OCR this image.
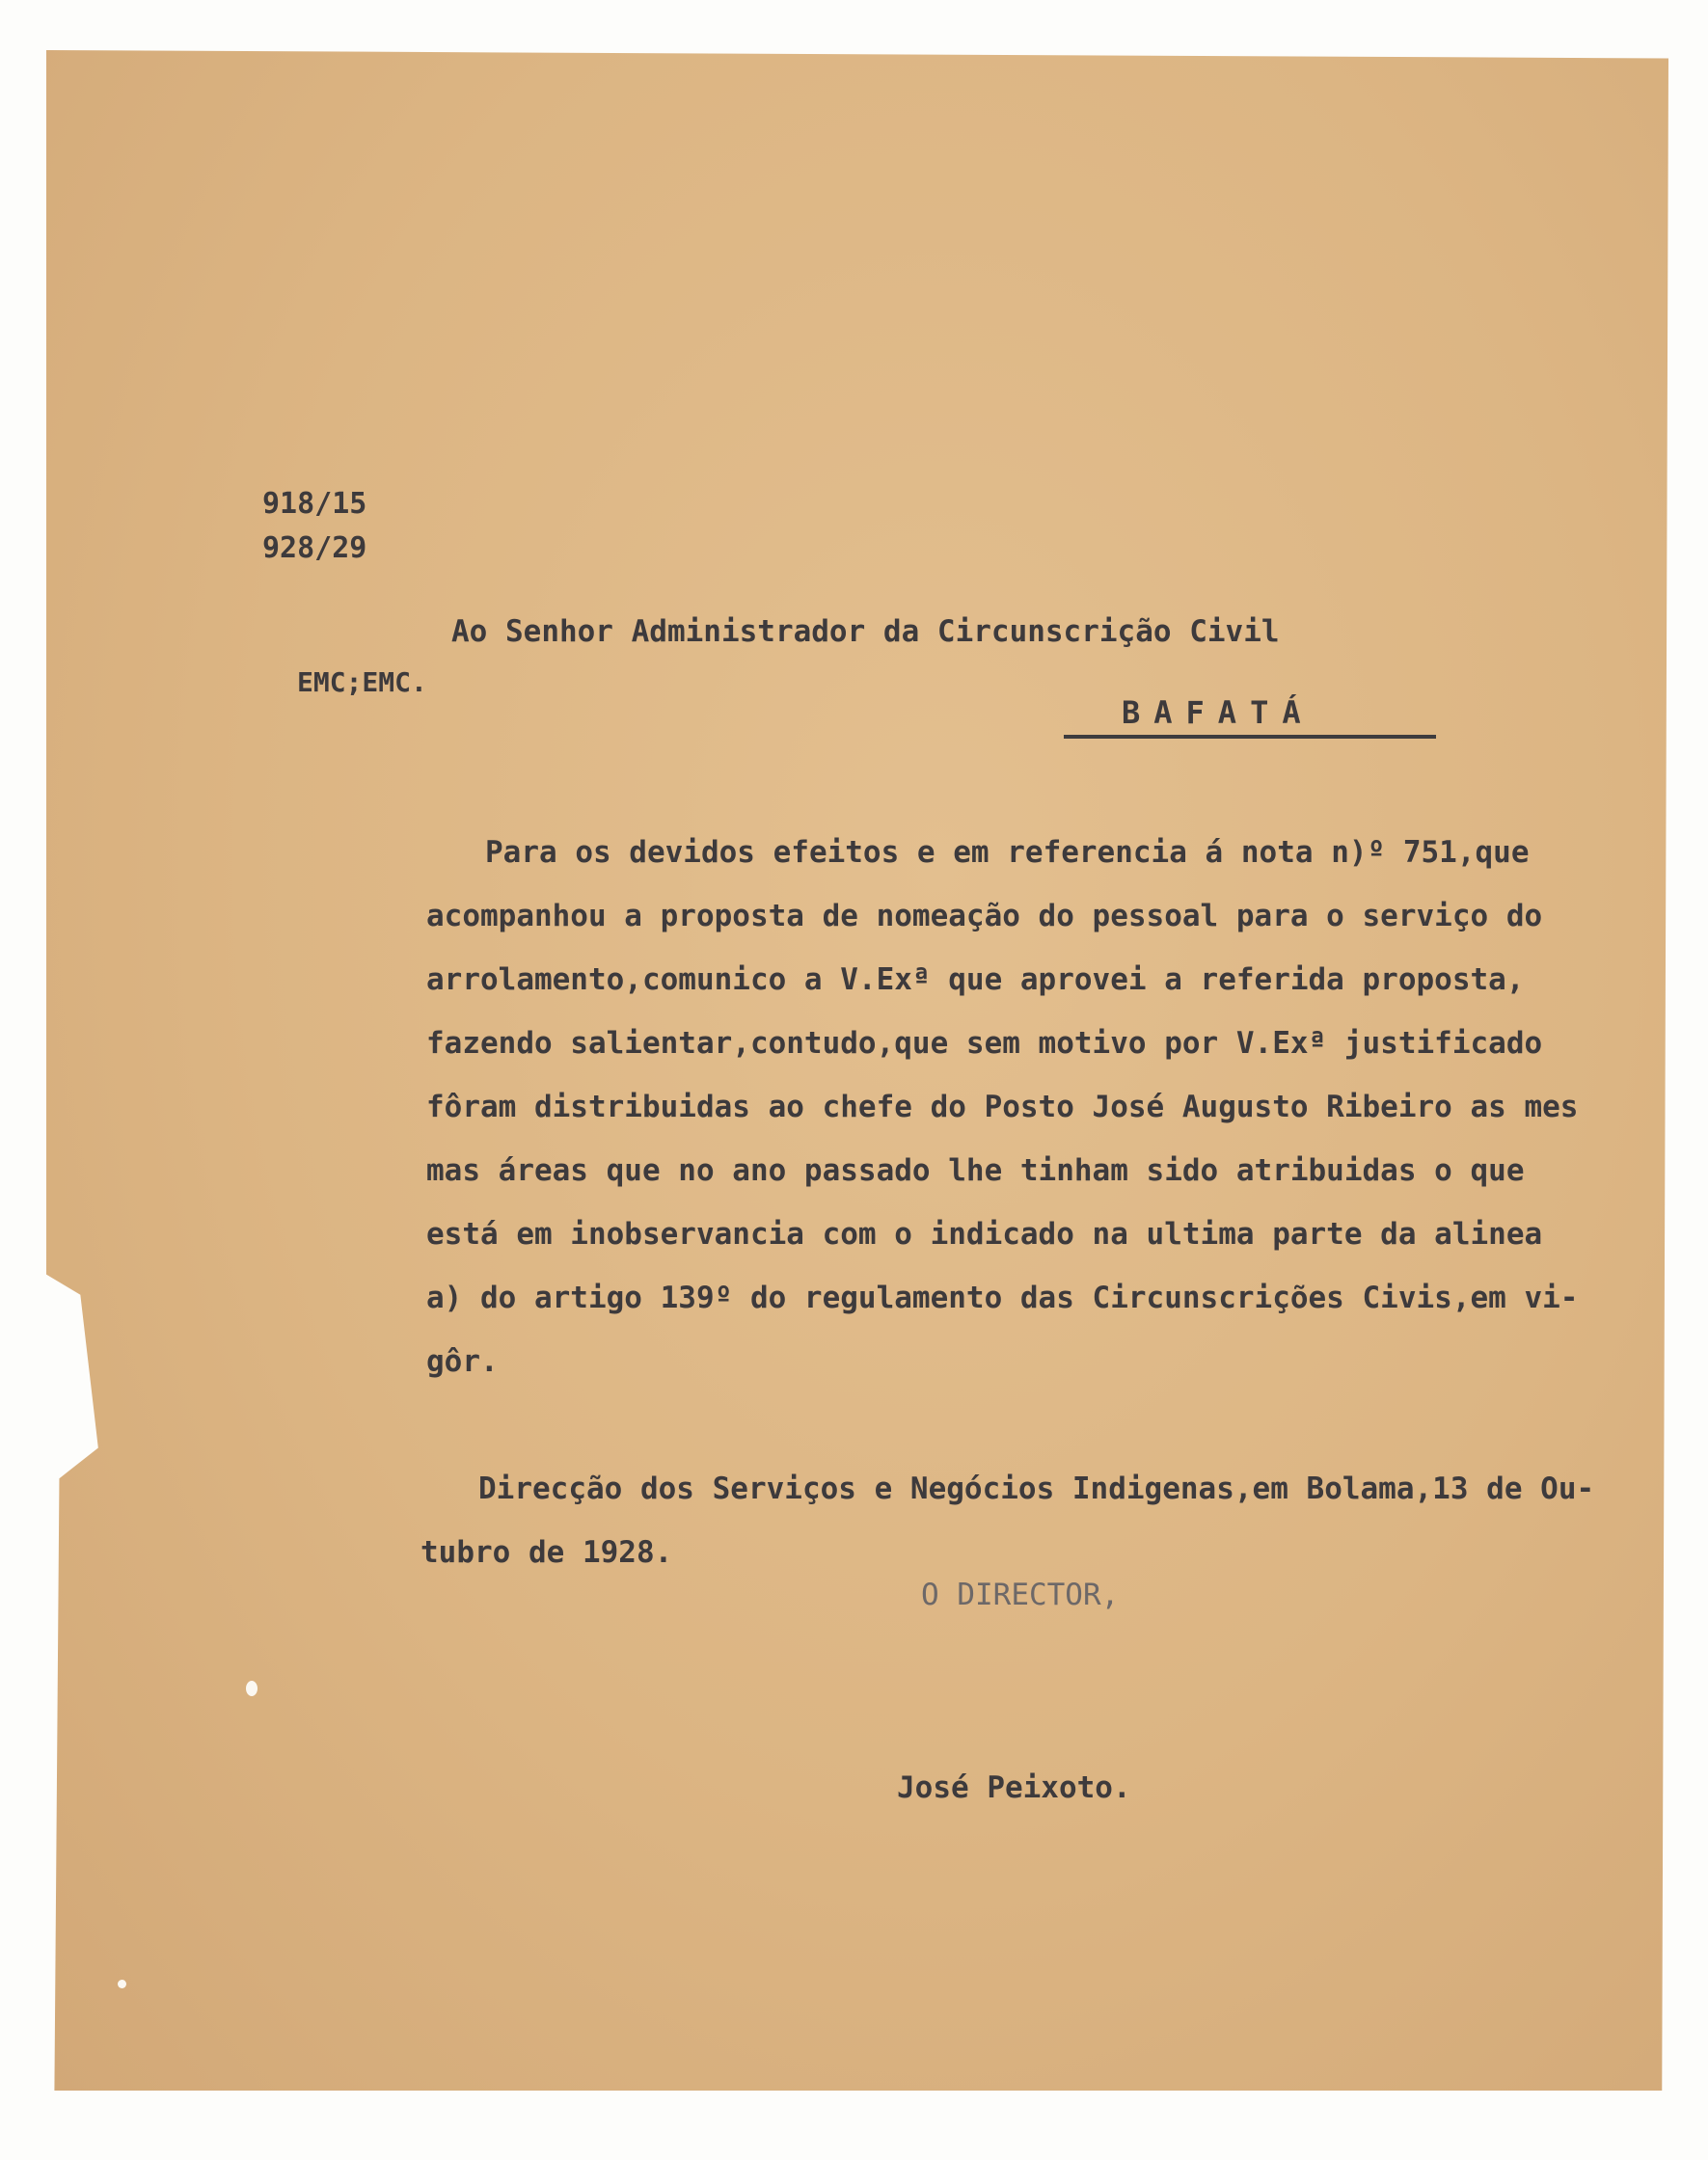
918/15

928/29

Ao Senhor Administrador da Circunscrição Civil

EMC;EMC.

BAFATÁ

Para os devidos efeitos e em referencia á nota n)º 751,que

acompanhou a proposta de nomeação do pessoal para o serviço do

arrolamento,comunico a V.Exª que aprovei a referida proposta,

fazendo salientar,contudo,que sem motivo por V.Exª justificado

fôram distribuidas ao chefe do Posto José Augusto Ribeiro as mes

mas áreas que no ano passado lhe tinham sido atribuidas o que

está em inobservancia com o indicado na ultima parte da alinea

a) do artigo 139º do regulamento das Circunscrições Civis,em vi-

gôr.

Direcção dos Serviços e Negócios Indigenas,em Bolama,13 de Ou-

tubro de 1928.

O DIRECTOR,

José Peixoto.
